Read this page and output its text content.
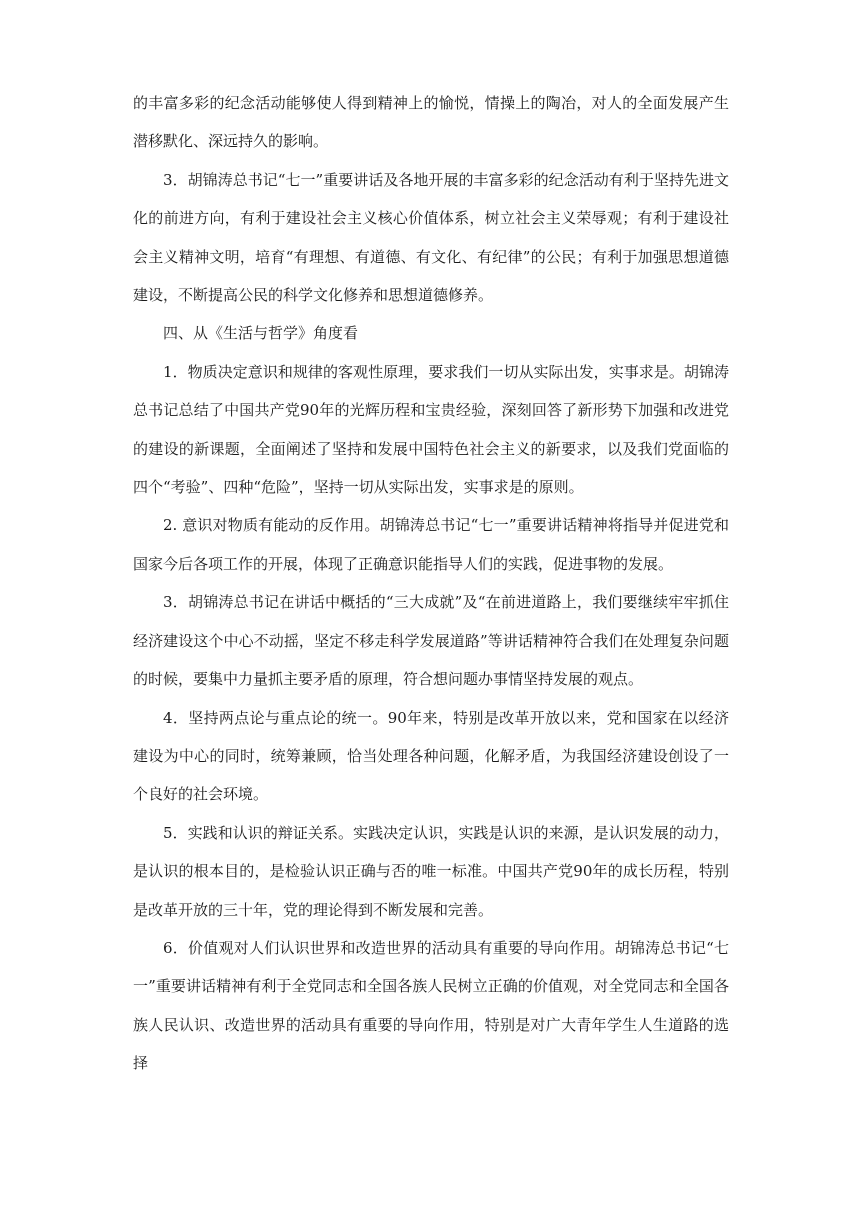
的丰富多彩的纪念活动能够使人得到精神上的愉悦，情操上的陶冶，对人的全面发展产生潜移默化、深远持久的影响。

3．胡锦涛总书记“七一”重要讲话及各地开展的丰富多彩的纪念活动有利于坚持先进文化的前进方向，有利于建设社会主义核心价值体系，树立社会主义荣辱观；有利于建设社会主义精神文明，培育“有理想、有道德、有文化、有纪律”的公民；有利于加强思想道德建设，不断提高公民的科学文化修养和思想道德修养。

四、从《生活与哲学》角度看

1．物质决定意识和规律的客观性原理，要求我们一切从实际出发，实事求是。胡锦涛总书记总结了中国共产党90年的光辉历程和宝贵经验，深刻回答了新形势下加强和改进党的建设的新课题，全面阐述了坚持和发展中国特色社会主义的新要求，以及我们党面临的四个“考验”、四种“危险”，坚持一切从实际出发，实事求是的原则。

2. 意识对物质有能动的反作用。胡锦涛总书记“七一”重要讲话精神将指导并促进党和国家今后各项工作的开展，体现了正确意识能指导人们的实践，促进事物的发展。

3．胡锦涛总书记在讲话中概括的“三大成就”及“在前进道路上，我们要继续牢牢抓住经济建设这个中心不动摇，坚定不移走科学发展道路”等讲话精神符合我们在处理复杂问题的时候，要集中力量抓主要矛盾的原理，符合想问题办事情坚持发展的观点。

4．坚持两点论与重点论的统一。90年来，特别是改革开放以来，党和国家在以经济建设为中心的同时，统筹兼顾，恰当处理各种问题，化解矛盾，为我国经济建设创设了一个良好的社会环境。

5．实践和认识的辩证关系。实践决定认识，实践是认识的来源，是认识发展的动力，是认识的根本目的，是检验认识正确与否的唯一标准。中国共产党90年的成长历程，特别是改革开放的三十年，党的理论得到不断发展和完善。

6．价值观对人们认识世界和改造世界的活动具有重要的导向作用。胡锦涛总书记“七一”重要讲话精神有利于全党同志和全国各族人民树立正确的价值观，对全党同志和全国各族人民认识、改造世界的活动具有重要的导向作用，特别是对广大青年学生人生道路的选择
